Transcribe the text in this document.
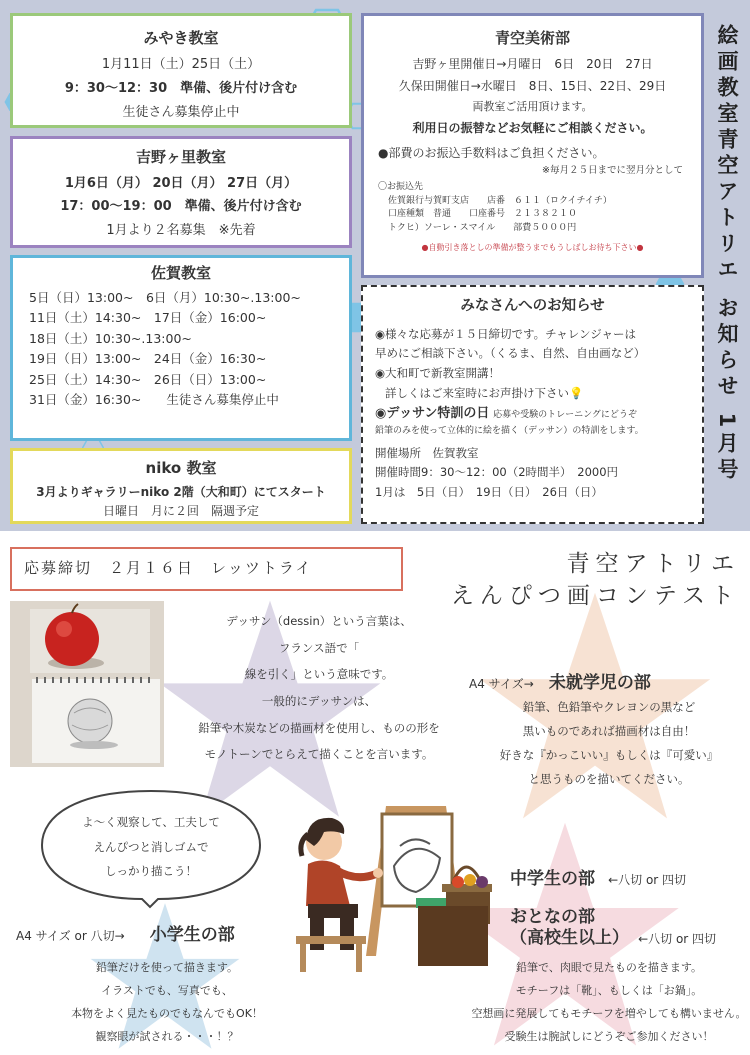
みやき教室
1月11日（土）25日（土）
9：30～12：30　準備、後片付け含む
生徒さん募集停止中
吉野ヶ里教室
1月6日（月） 20日（月） 27日（月）
17：00～19：00　準備、後片付け含む
1月より２名募集　※先着
佐賀教室
5日（日）13:00~　6日（月）10:30~.13:00~
11日（土）14:30~　17日（金）16:00~
18日（土）10:30~.13:00~
19日（日）13:00~　24日（金）16:30~
25日（土）14:30~　26日（日）13:00~
31日（金）16:30~　　生徒さん募集停止中
niko 教室
3月よりギャラリーniko 2階（大和町）にてスタート
日曜日　月に２回　隔週予定
青空美術部
吉野ヶ里開催日→月曜日　6日　20日　27日
久保田開催日→水曜日　8日、15日、22日、29日
両教室ご活用頂けます。
利用日の振替などお気軽にご相談ください。
●部費のお振込手数料はご負担ください。
※毎月２５日までに翌月分として
〇お振込先
佐賀銀行与賀町支店　　店番　６１１（ロクイチイチ）
口座種類　普通　　口座番号　２１３８２１０
トクヒ）ソーレ・スマイル　　部費５０００円
●自動引き落としの準備が整うまでもうしばしお待ち下さい●
みなさんへのお知らせ
◉様々な応募が１５日締切です。チャレンジャーは
早めにご相談下さい。（くるま、自然、自由画など）
◉大和町で新教室開講！
詳しくはご来室時にお声掛け下さい💡
◉デッサン特訓の日 応募や受験のトレーニングにどうぞ
鉛筆のみを使って立体的に絵を描く（デッサン）の特訓をします。
開催場所　佐賀教室
開催時間9：30～12：00（2時間半）　2000円
1月は　5日（日）　19日（日）　26日（日）
絵画教室青空アトリエ お知らせ 1月号
応募締切　２月１６日　レッツトライ	青空アトリエ
えんぴつ画コンテスト
デッサン（dessin）という言葉は、
フランス語で「
線を引く」という意味です。
一般的にデッサンは、
鉛筆や木炭などの描画材を使用し、ものの形を
モノトーンでとらえて描くことを言います。
A4 サイズ→ 未就学児の部
鉛筆、色鉛筆やクレヨンの黒など
黒いものであれば描画材は自由！
好きな『かっこいい』もしくは『可愛い』
と思うものを描いてください。
よ～く观察して、工夫して
えんぴつと消しゴムで
しっかり描こう！	中学生の部 ←八切 or 四切
おとなの部
（高校生以上） ←八切 or 四切
鉛筆で、肉眼で見たものを描きます。
モチーフは「靴」、もしくは「お鍋」。
空想画に発展してもモチーフを増やしても構いません。
受験生は腕試しにどうぞご参加ください！
A4 サイズ or 八切→ 小学生の部
鉛筆だけを使って描きます。
イラストでも、写真でも、
本物をよく見たものでもなんでもOK！
観察眼が試される・・・！？
